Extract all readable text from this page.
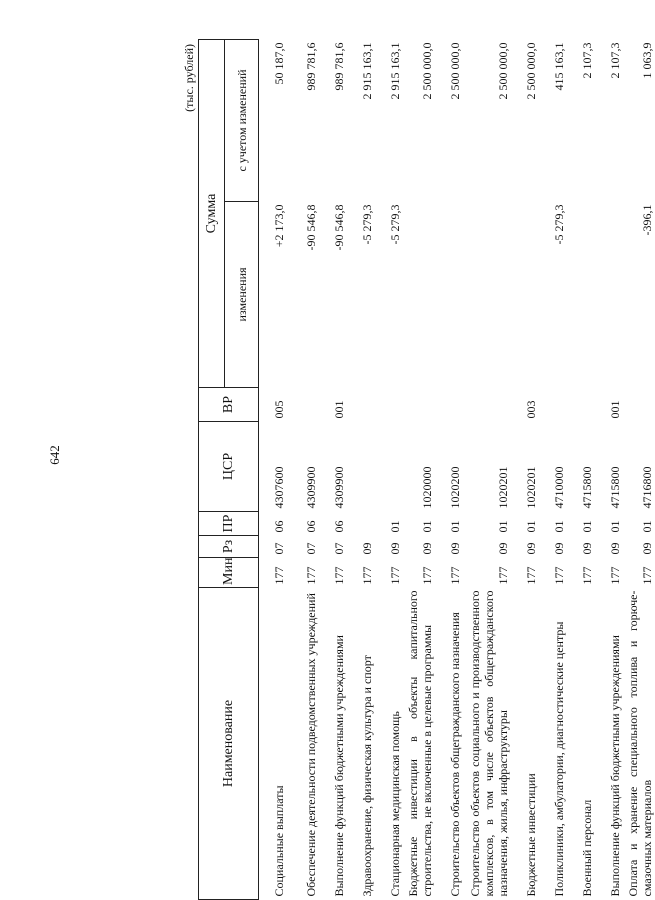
642
(тыс. рублей)
Наименование	Мин	Рз	ПР	ЦСР	ВР	Сумма	
						изменения	с учетом изменений
Социальные выплаты	177	07	06	4307600	005	+2 173,0	50 187,0
Обеспечение деятельности подведомственных учреждений	177	07	06	4309900		-90 546,8	989 781,6
Выполнение функций бюджетными учреждениями	177	07	06	4309900	001	-90 546,8	989 781,6
Здравоохранение, физическая культура и спорт	177	09				-5 279,3	2 915 163,1
Стационарная медицинская помощь	177	09	01			-5 279,3	2 915 163,1
Бюджетные инвестиции в объекты капитального строительства, не включенные в целевые программы	177	09	01	1020000			2 500 000,0
Строительство объектов общегражданского назначения	177	09	01	1020200			2 500 000,0
Строительство объектов социального и производственного комплексов, в том числе объектов общегражданского назначения, жилья, инфраструктуры	177	09	01	1020201			2 500 000,0
Бюджетные инвестиции	177	09	01	1020201	003		2 500 000,0
Поликлиники, амбулатории, диагностические центры	177	09	01	4710000		-5 279,3	415 163,1
Военный персонал	177	09	01	4715800			2 107,3
Выполнение функций бюджетными учреждениями	177	09	01	4715800	001		2 107,3
Оплата и хранение специального топлива и горюче-смазочных материалов	177	09	01	4716800		-396,1	1 063,9
